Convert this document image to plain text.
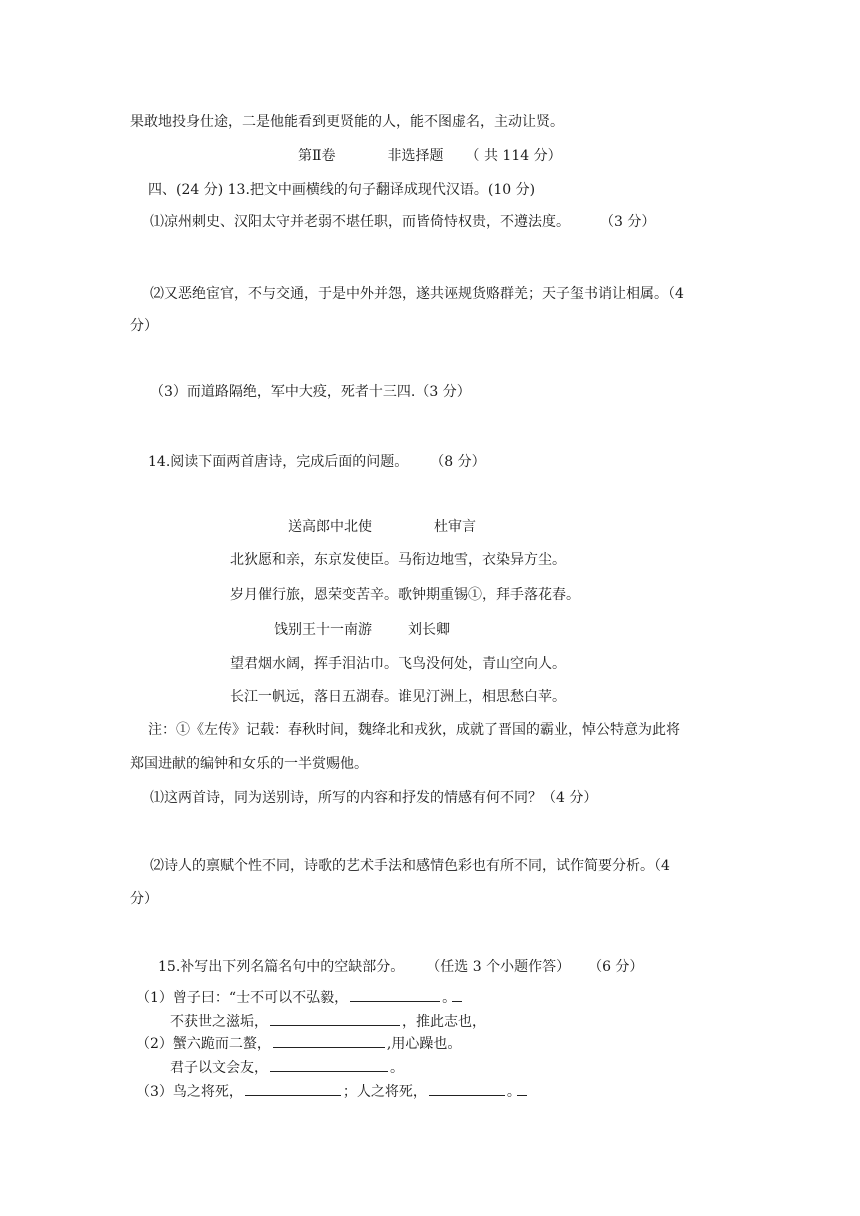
果敢地投身仕途，二是他能看到更贤能的人，能不图虚名，主动让贤。
第Ⅱ卷	非选择题 （ 共 114 分）
四、(24 分) 13.把文中画横线的句子翻译成现代汉语。(10 分)
⑴凉州刺史、汉阳太守并老弱不堪任职，而皆倚恃权贵，不遵法度。 （3 分）
⑵又恶绝宦官，不与交通，于是中外并怨，遂共诬规货赂群羌；天子玺书诮让相属。（4
分）
（3）而道路隔绝，军中大疫，死者十三四.（3 分）
14.阅读下面两首唐诗，完成后面的问题。 （8 分）
送高郎中北使	杜审言
北狄愿和亲，东京发使臣。马衔边地雪，衣染异方尘。
岁月催行旅，恩荣变苦辛。歌钟期重锡①，拜手落花春。
饯别王十一南游	刘长卿
望君烟水阔，挥手泪沾巾。飞鸟没何处，青山空向人。
长江一帆远，落日五湖春。谁见汀洲上，相思愁白苹。
注：①《左传》记载：春秋时间，魏绛北和戎狄，成就了晋国的霸业，悼公特意为此将
郑国进献的编钟和女乐的一半赏赐他。
⑴这两首诗，同为送别诗，所写的内容和抒发的情感有何不同？（4 分）
⑵诗人的禀赋个性不同，诗歌的艺术手法和感情色彩也有所不同，试作简要分析。（4
分）
15.补写出下列名篇名句中的空缺部分。 （任选 3 个小题作答） （6 分）
（1）曾子曰：“士不可以不弘毅，	。
不获世之滋垢，	，推此志也，
（2）蟹六跪而二螯，	,用心躁也。
君子以文会友，	。
（3）鸟之将死，	；人之将死，	。
